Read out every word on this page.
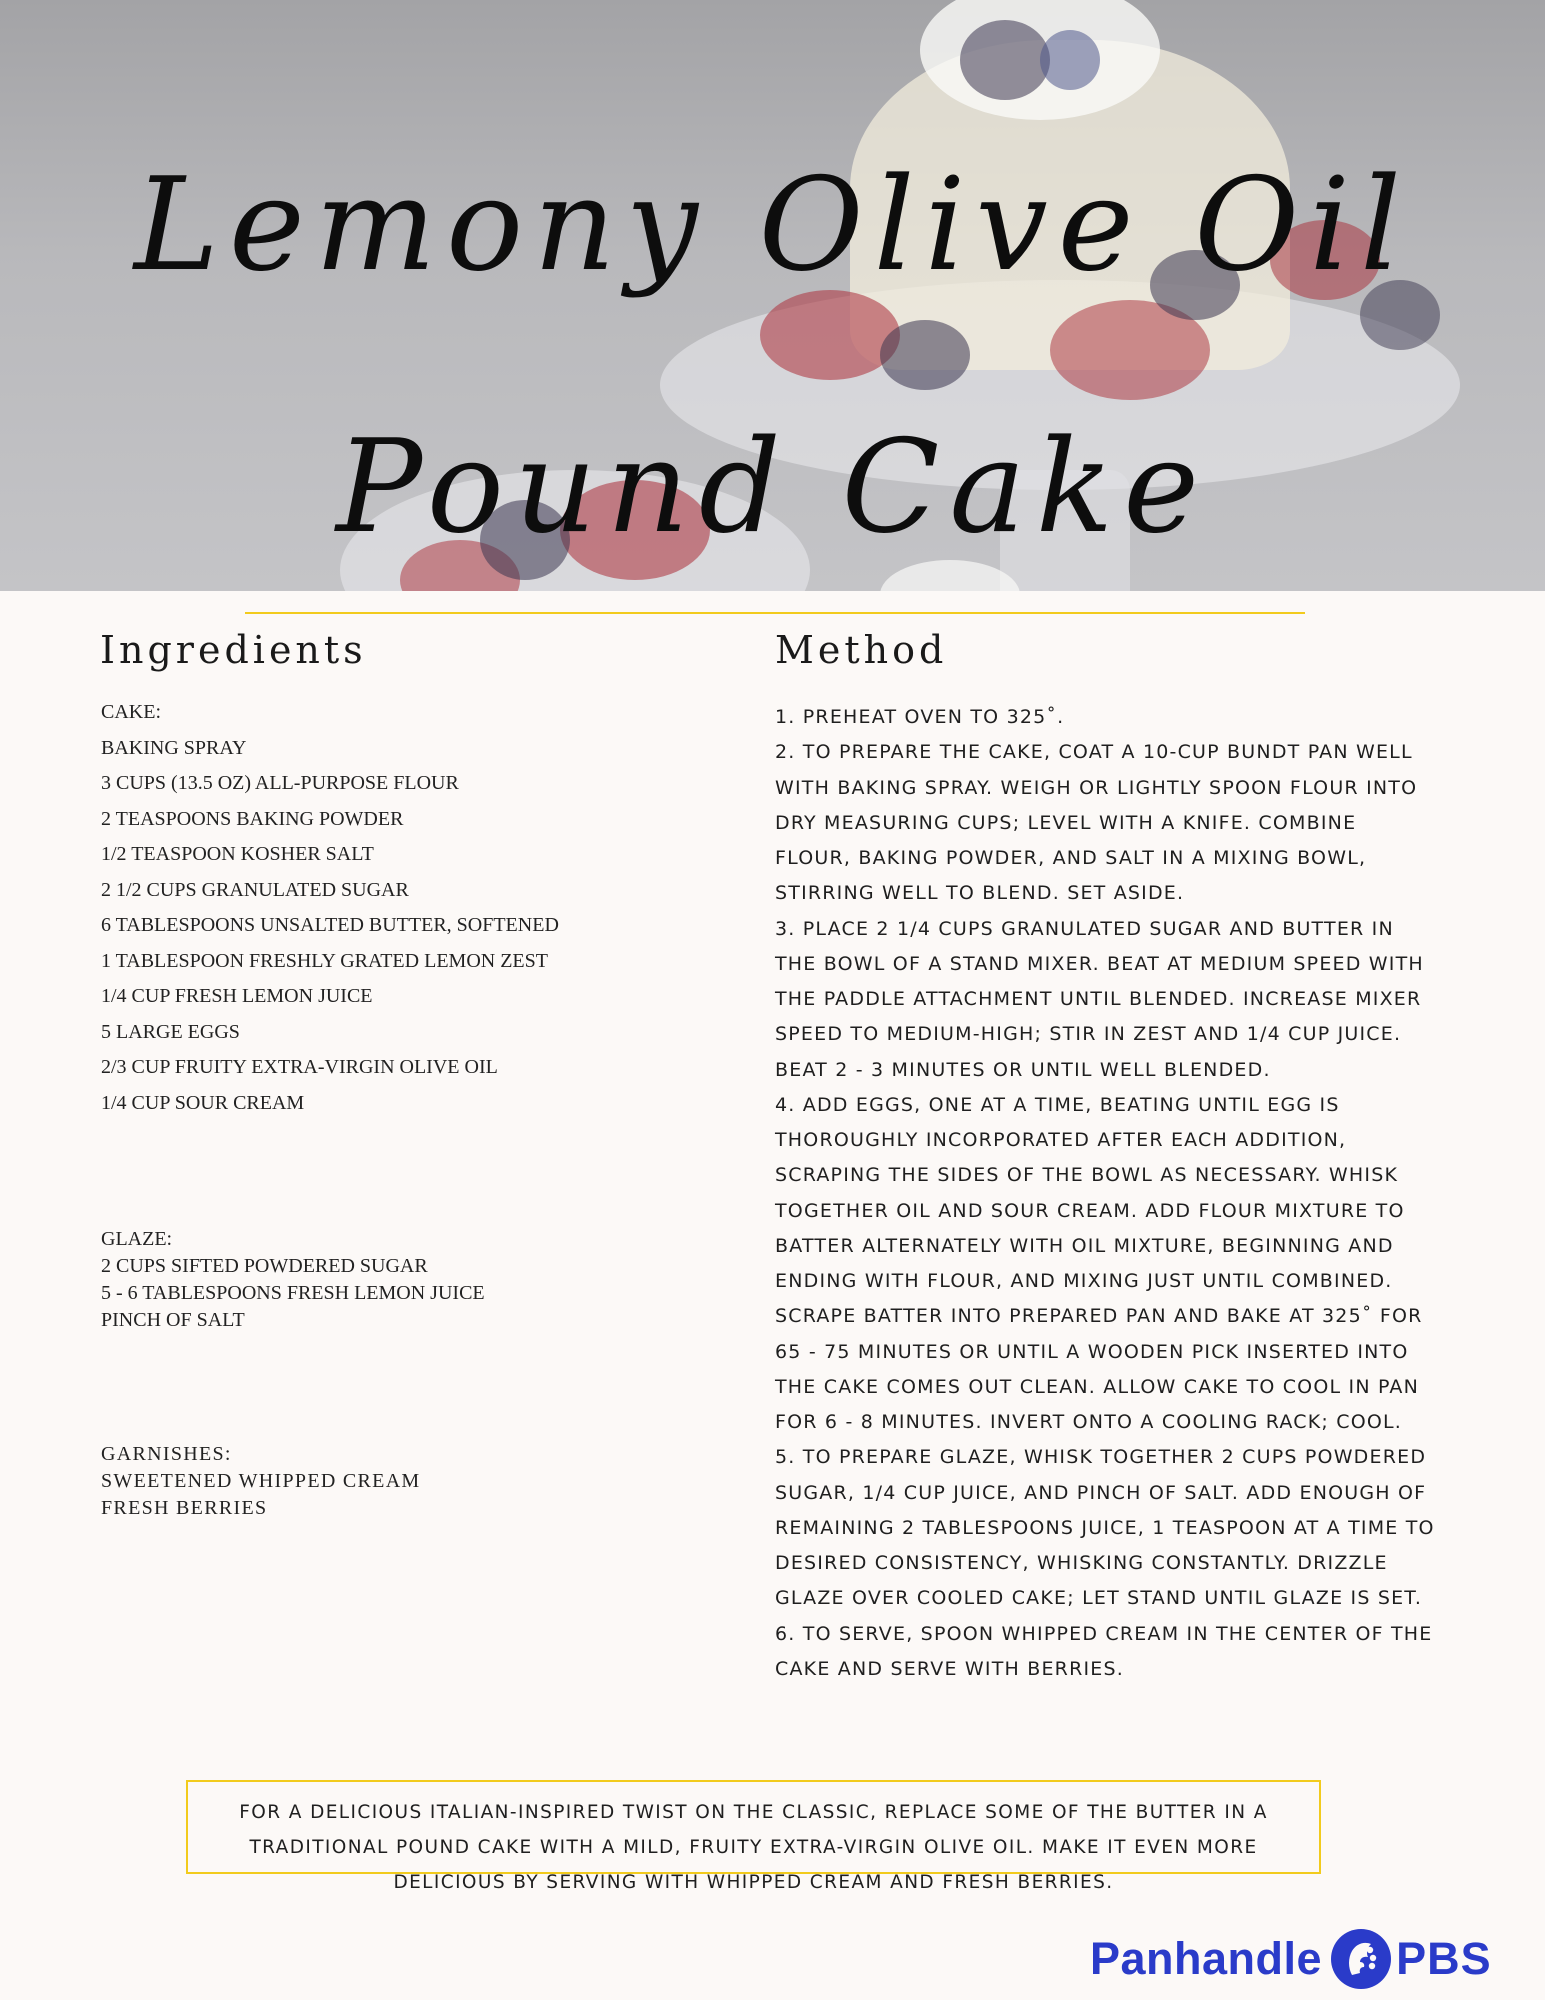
Lemony Olive Oil
Pound Cake
Ingredients	Method
CAKE:
BAKING SPRAY
3 CUPS (13.5 OZ) ALL-PURPOSE FLOUR
2 TEASPOONS BAKING POWDER
1/2 TEASPOON KOSHER SALT
2 1/2 CUPS GRANULATED SUGAR
6 TABLESPOONS UNSALTED BUTTER, SOFTENED
1 TABLESPOON FRESHLY GRATED LEMON ZEST
1/4 CUP FRESH LEMON JUICE
5 LARGE EGGS
2/3 CUP FRUITY EXTRA-VIRGIN OLIVE OIL
1/4 CUP SOUR CREAM
GLAZE:
2 CUPS SIFTED POWDERED SUGAR
5 - 6 TABLESPOONS FRESH LEMON JUICE
PINCH OF SALT
GARNISHES:
SWEETENED WHIPPED CREAM
FRESH BERRIES
1. PREHEAT OVEN TO 325˚.
2. TO PREPARE THE CAKE, COAT A 10-CUP BUNDT PAN WELL
WITH BAKING SPRAY. WEIGH OR LIGHTLY SPOON FLOUR INTO
DRY MEASURING CUPS; LEVEL WITH A KNIFE. COMBINE
FLOUR, BAKING POWDER, AND SALT IN A MIXING BOWL,
STIRRING WELL TO BLEND. SET ASIDE.
3. PLACE 2 1/4 CUPS GRANULATED SUGAR AND BUTTER IN
THE BOWL OF A STAND MIXER. BEAT AT MEDIUM SPEED WITH
THE PADDLE ATTACHMENT UNTIL BLENDED. INCREASE MIXER
SPEED TO MEDIUM-HIGH; STIR IN ZEST AND 1/4 CUP JUICE.
BEAT 2 - 3 MINUTES OR UNTIL WELL BLENDED.
4. ADD EGGS, ONE AT A TIME, BEATING UNTIL EGG IS
THOROUGHLY INCORPORATED AFTER EACH ADDITION,
SCRAPING THE SIDES OF THE BOWL AS NECESSARY. WHISK
TOGETHER OIL AND SOUR CREAM. ADD FLOUR MIXTURE TO
BATTER ALTERNATELY WITH OIL MIXTURE, BEGINNING AND
ENDING WITH FLOUR, AND MIXING JUST UNTIL COMBINED.
SCRAPE BATTER INTO PREPARED PAN AND BAKE AT 325˚ FOR
65 - 75 MINUTES OR UNTIL A WOODEN PICK INSERTED INTO
THE CAKE COMES OUT CLEAN. ALLOW CAKE TO COOL IN PAN
FOR 6 - 8 MINUTES. INVERT ONTO A COOLING RACK; COOL.
5. TO PREPARE GLAZE, WHISK TOGETHER 2 CUPS POWDERED
SUGAR, 1/4 CUP JUICE, AND PINCH OF SALT. ADD ENOUGH OF
REMAINING 2 TABLESPOONS JUICE, 1 TEASPOON AT A TIME TO
DESIRED CONSISTENCY, WHISKING CONSTANTLY. DRIZZLE
GLAZE OVER COOLED CAKE; LET STAND UNTIL GLAZE IS SET.
6. TO SERVE, SPOON WHIPPED CREAM IN THE CENTER OF THE
CAKE AND SERVE WITH BERRIES.
FOR A DELICIOUS ITALIAN-INSPIRED TWIST ON THE CLASSIC, REPLACE SOME OF THE BUTTER IN A
TRADITIONAL POUND CAKE WITH A MILD, FRUITY EXTRA-VIRGIN OLIVE OIL. MAKE IT EVEN MORE
DELICIOUS BY SERVING WITH WHIPPED CREAM AND FRESH BERRIES.
Panhandle PBS
